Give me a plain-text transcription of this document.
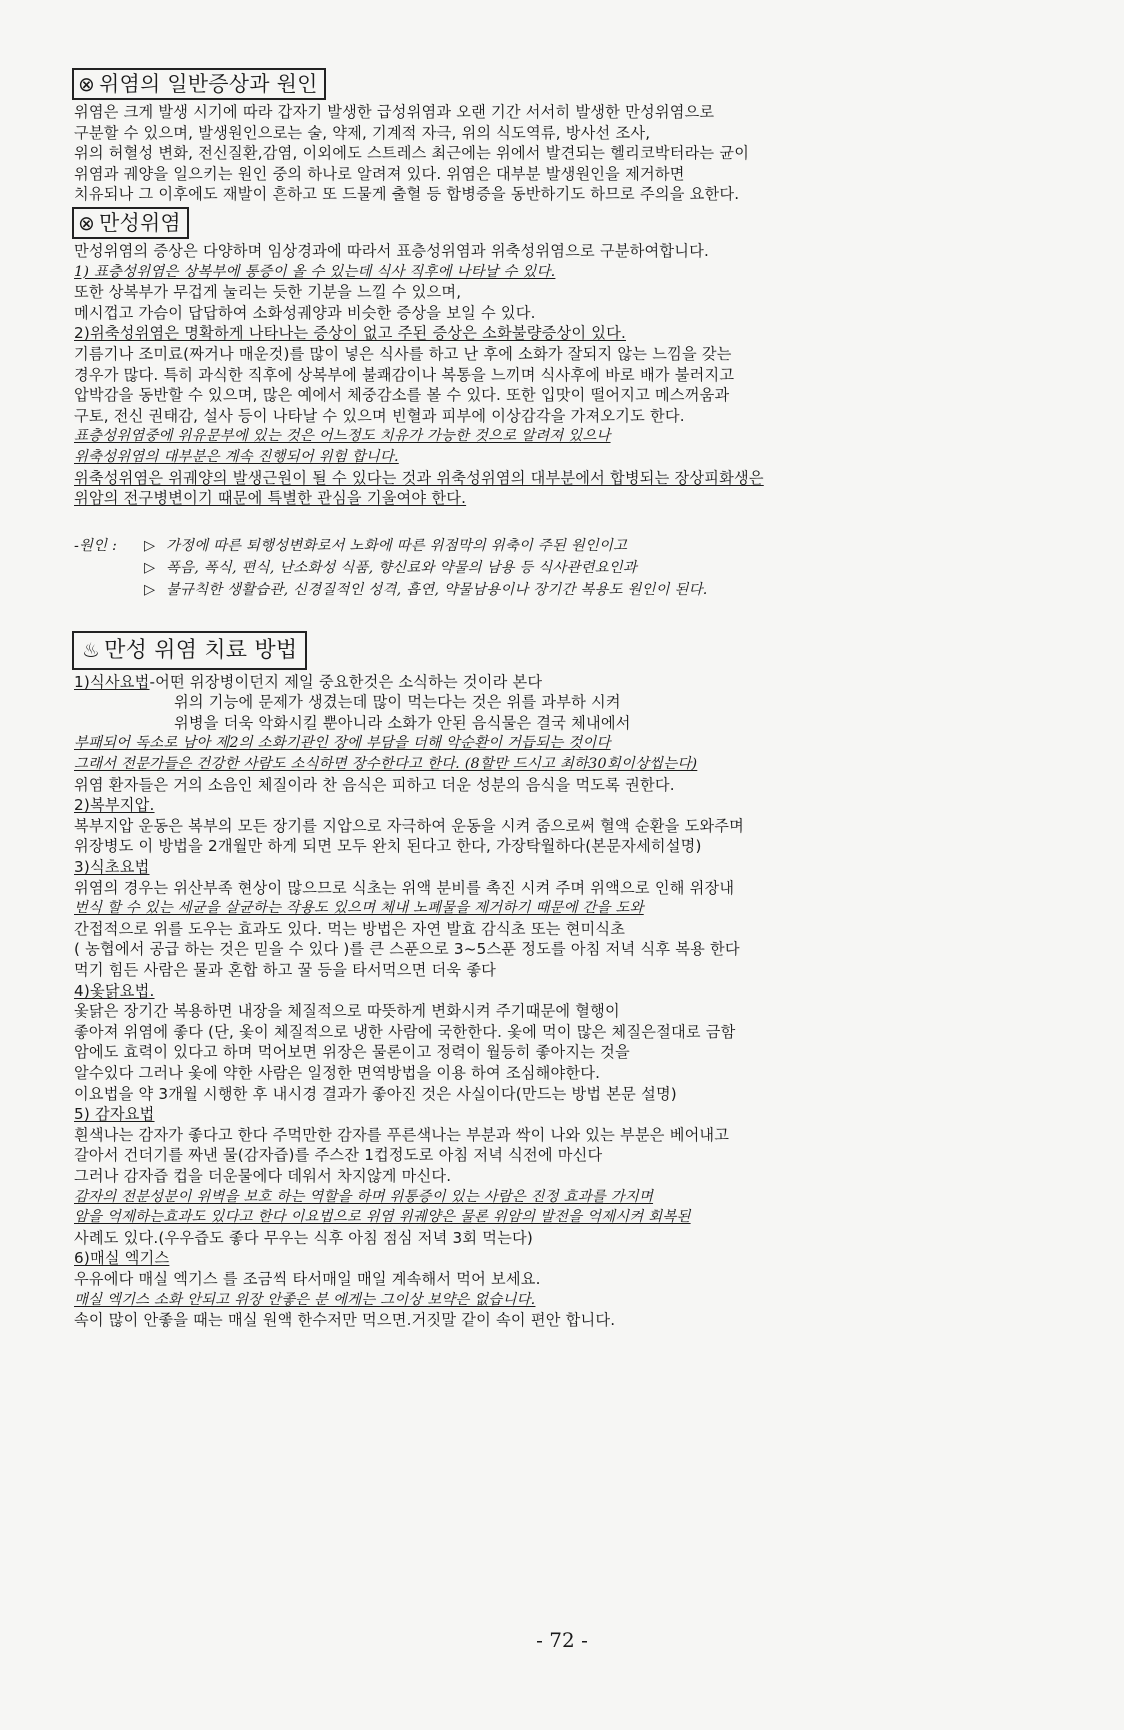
⊗ 위염의 일반증상과 원인
위염은 크게 발생 시기에 따라 갑자기 발생한 급성위염과 오랜 기간 서서히 발생한 만성위염으로
구분할 수 있으며, 발생원인으로는 술, 약제, 기계적 자극, 위의 식도역류, 방사선 조사,
위의 허혈성 변화, 전신질환,감염, 이외에도 스트레스 최근에는 위에서 발견되는 헬리코박터라는 균이
위염과 궤양을 일으키는 원인 중의 하나로 알려져 있다. 위염은 대부분 발생원인을 제거하면
치유되나 그 이후에도 재발이 흔하고 또 드물게 출혈 등 합병증을 동반하기도 하므로 주의을 요한다.
⊗ 만성위염
만성위염의 증상은 다양하며 임상경과에 따라서 표층성위염과 위축성위염으로 구분하여합니다.
1) 표층성위염은 상복부에 통증이 올 수 있는데 식사 직후에 나타날 수 있다.
또한 상복부가 무겁게 눌리는 듯한 기분을 느낄 수 있으며,
메시껍고 가슴이 답답하여 소화성궤양과 비슷한 증상을 보일 수 있다.
2)위축성위염은 명확하게 나타나는 증상이 없고 주된 증상은 소화불량증상이 있다.
기름기나 조미료(짜거나 매운것)를 많이 넣은 식사를 하고 난 후에 소화가 잘되지 않는 느낌을 갖는
경우가 많다. 특히 과식한 직후에 상복부에 불쾌감이나 복통을 느끼며 식사후에 바로 배가 불러지고
압박감을 동반할 수 있으며, 많은 예에서 체중감소를 볼 수 있다. 또한 입맛이 떨어지고 메스꺼움과
구토, 전신 권태감, 설사 등이 나타날 수 있으며 빈혈과 피부에 이상감각을 가져오기도 한다.
표층성위염중에 위유문부에 있는 것은 어느정도 치유가 가능한 것으로 알려져 있으나
위축성위염의 대부분은 계속 진행되어 위험 합니다.
위축성위염은 위궤양의 발생근원이 될 수 있다는 것과 위축성위염의 대부분에서 합병되는 장상피화생은
위암의 전구병변이기 때문에 특별한 관심을 기울여야 한다.
-원인 : ▷ 가정에 따른 퇴행성변화로서 노화에 따른 위점막의 위축이 주된 원인이고
▷ 폭음, 폭식, 편식, 난소화성 식품, 향신료와 약물의 남용 등 식사관련요인과
▷ 불규칙한 생활습관, 신경질적인 성격, 흡연, 약물남용이나 장기간 복용도 원인이 된다.
♨ 만성 위염 치료 방법
1)식사요법-어떤 위장병이던지 제일 중요한것은 소식하는 것이라 본다
위의 기능에 문제가 생겼는데 많이 먹는다는 것은 위를 과부하 시켜
위병을 더욱 악화시킬 뿐아니라 소화가 안된 음식물은 결국 체내에서
부패되어 독소로 남아 제2의 소화기관인 장에 부담을 더해 악순환이 거듭되는 것이다
그래서 전문가들은 건강한 사람도 소식하면 장수한다고 한다. (8할만 드시고 최하30회이상씹는다)
위염 환자들은 거의 소음인 체질이라 찬 음식은 피하고 더운 성분의 음식을 먹도록 권한다.
2)복부지압.
복부지압 운동은 복부의 모든 장기를 지압으로 자극하여 운동을 시켜 줌으로써 혈액 순환을 도와주며
위장병도 이 방법을 2개월만 하게 되면 모두 완치 된다고 한다, 가장탁월하다(본문자세히설명)
3)식초요법
위염의 경우는 위산부족 현상이 많으므로 식초는 위액 분비를 촉진 시켜 주며 위액으로 인해 위장내
번식 할 수 있는 세균을 살균하는 작용도 있으며 체내 노폐물을 제거하기 때문에 간을 도와
간접적으로 위를 도우는 효과도 있다. 먹는 방법은 자연 발효 감식초 또는 현미식초
( 농협에서 공급 하는 것은 믿을 수 있다 )를 큰 스푼으로 3~5스푼 정도를 아침 저녁 식후 복용 한다
먹기 힘든 사람은 물과 혼합 하고 꿀 등을 타서먹으면 더욱 좋다
4)옻닭요법.
옻닭은 장기간 복용하면 내장을 체질적으로 따뜻하게 변화시켜 주기때문에 혈행이
좋아져 위염에 좋다 (단, 옻이 체질적으로 냉한 사람에 국한한다. 옻에 먹이 많은 체질은절대로 금함
암에도 효력이 있다고 하며 먹어보면 위장은 물론이고 정력이 월등히 좋아지는 것을
알수있다 그러나 옻에 약한 사람은 일정한 면역방법을 이용 하여 조심해야한다.
이요법을 약 3개월 시행한 후 내시경 결과가 좋아진 것은 사실이다(만드는 방법 본문 설명)
5) 감자요법
흰색나는 감자가 좋다고 한다 주먹만한 감자를 푸른색나는 부분과 싹이 나와 있는 부분은 베어내고
갈아서 건더기를 짜낸 물(감자즙)를 주스잔 1컵정도로 아침 저녁 식전에 마신다
그러나 감자즙 컵을 더운물에다 데워서 차지않게 마신다.
감자의 전분성분이 위벽을 보호 하는 역할을 하며 위통증이 있는 사람은 진정 효과를 가지며
암을 억제하는효과도 있다고 한다 이요법으로 위염 위궤양은 물론 위암의 발전을 억제시켜 회복된
사례도 있다.(우우즙도 좋다 무우는 식후 아침 점심 저녁 3회 먹는다)
6)매실 엑기스
우유에다 매실 엑기스 를 조금씩 타서매일 매일 계속해서 먹어 보세요.
매실 엑기스 소화 안되고 위장 안좋은 분 에게는 그이상 보약은 없습니다.
속이 많이 안좋을 때는 매실 원액 한수저만 먹으면.거짓말 같이 속이 편안 합니다.
- 72 -
